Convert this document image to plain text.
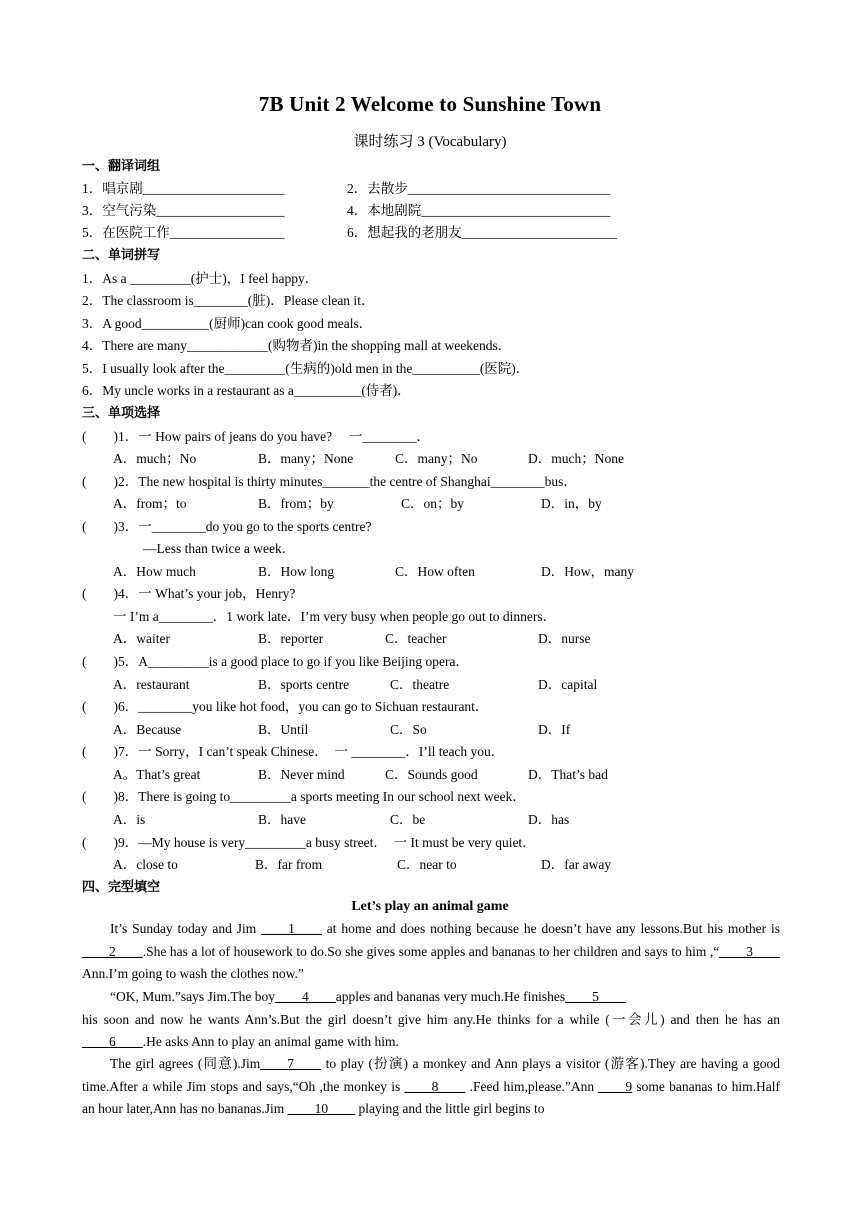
7B Unit 2 Welcome to Sunshine Town
课时练习 3 (Vocabulary)
一、翻译词组
1．唱京剧_____________________	2．去散步______________________________
3．空气污染___________________	4．本地剧院____________________________
5．在医院工作_________________	6．想起我的老朋友_______________________
二、单词拼写
1．As a _________(护士)，I feel happy．
2．The classroom is________(脏)．Please clean it．
3．A good__________(厨师)can cook good meals．
4．There are many____________(购物者)in the shopping mall at weekends．
5．I usually look after the_________(生病的)old men in the__________(医院)．
6．My uncle works in a restaurant as a__________(侍者)．
三、单项选择
(　　)1．一 How pairs of jeans do you have?　 一________．
A．much；No	B．many；None	C．many；No	D．much；None
(　　)2．The new hospital is thirty minutes_______the centre of Shanghai________bus．
A．from；to	B．from；by	C．on；by	D．in，by
(　　)3．一________do you go to the sports centre?
—Less than twice a week．
A．How much	B．How long	C．How often	D．How，many
(　　)4．一 What’s your job，Henry?
一 I’m a________．1 work late．I’m very busy when people go out to dinners．
A．waiter	B．reporter	C．teacher	D．nurse
(　　)5．A_________is a good place to go if you like Beijing opera．
A．restaurant	B．sports centre	C．theatre	D．capital
(　　)6．________you like hot food，you can go to Sichuan restaurant．
A．Because	B．Until	C．So	D．If
(　　)7．一 Sorry，I can’t speak Chinese．　一 ________．I’ll teach you．
A。That’s great	B．Never mind	C．Sounds good	D．That’s bad
(　　)8．There is going to_________a sports meeting In our school next week．
A．is	B．have	C．be	D．has
(　　)9．—My house is very_________a busy street．　一 It must be very quiet．
A．close to	B．far from	C．near to	D．far away
四、完型填空
Let’s play an animal game
It’s Sunday today and Jim ____1____ at home and does nothing because he doesn’t have any lessons.But his mother is ____2____.She has a lot of housework to do.So she gives some apples and bananas to her children and says to him ,“____3____ Ann.I’m going to wash the clothes now.”
“OK, Mum.”says Jim.The boy____4____apples and bananas very much.He finishes____5____
his soon and now he wants Ann’s.But the girl doesn’t give him any.He thinks for a while (一会儿) and then he has an ____6____.He asks Ann to play an animal game with him.
The girl agrees (同意).Jim____7____ to play (扮演) a monkey and Ann plays a visitor (游客).They are having a good time.After a while Jim stops and says,“Oh ,the monkey is ____8____ .Feed him,please.”Ann ____9 some bananas to him.Half an hour later,Ann has no bananas.Jim ____10____ playing and the little girl begins to
